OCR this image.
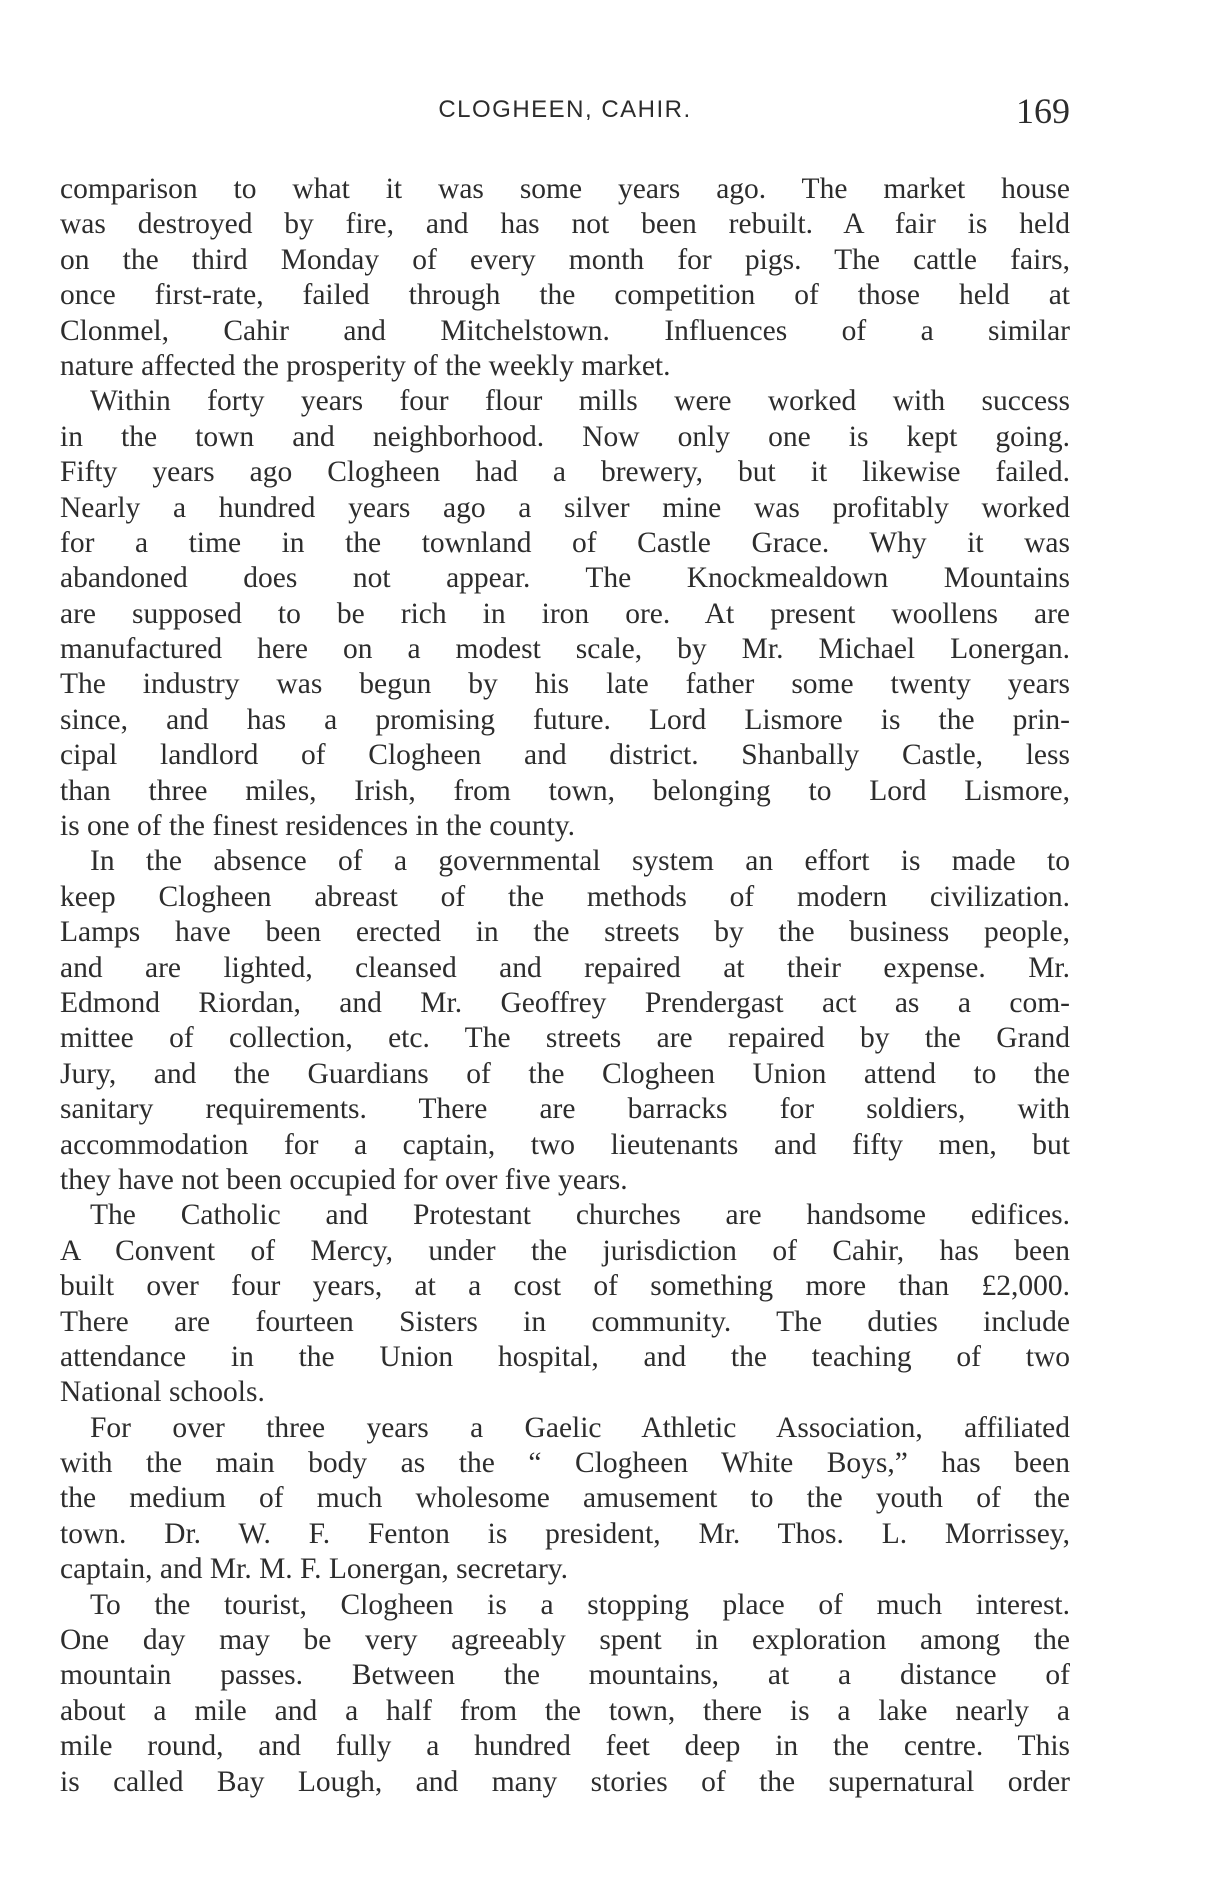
CLOGHEEN, CAHIR.	169
comparison to what it was some years ago. The market house
was destroyed by fire, and has not been rebuilt. A fair is held
on the third Monday of every month for pigs. The cattle fairs,
once first-rate, failed through the competition of those held at
Clonmel, Cahir and Mitchelstown. Influences of a similar
nature affected the prosperity of the weekly market.
Within forty years four flour mills were worked with success
in the town and neighborhood. Now only one is kept going.
Fifty years ago Clogheen had a brewery, but it likewise failed.
Nearly a hundred years ago a silver mine was profitably worked
for a time in the townland of Castle Grace. Why it was
abandoned does not appear. The Knockmealdown Mountains
are supposed to be rich in iron ore. At present woollens are
manufactured here on a modest scale, by Mr. Michael Lonergan.
The industry was begun by his late father some twenty years
since, and has a promising future. Lord Lismore is the prin-
cipal landlord of Clogheen and district. Shanbally Castle, less
than three miles, Irish, from town, belonging to Lord Lismore,
is one of the finest residences in the county.
In the absence of a governmental system an effort is made to
keep Clogheen abreast of the methods of modern civilization.
Lamps have been erected in the streets by the business people,
and are lighted, cleansed and repaired at their expense. Mr.
Edmond Riordan, and Mr. Geoffrey Prendergast act as a com-
mittee of collection, etc. The streets are repaired by the Grand
Jury, and the Guardians of the Clogheen Union attend to the
sanitary requirements. There are barracks for soldiers, with
accommodation for a captain, two lieutenants and fifty men, but
they have not been occupied for over five years.
The Catholic and Protestant churches are handsome edifices.
A Convent of Mercy, under the jurisdiction of Cahir, has been
built over four years, at a cost of something more than £2,000.
There are fourteen Sisters in community. The duties include
attendance in the Union hospital, and the teaching of two
National schools.
For over three years a Gaelic Athletic Association, affiliated
with the main body as the “ Clogheen White Boys,” has been
the medium of much wholesome amusement to the youth of the
town. Dr. W. F. Fenton is president, Mr. Thos. L. Morrissey,
captain, and Mr. M. F. Lonergan, secretary.
To the tourist, Clogheen is a stopping place of much interest.
One day may be very agreeably spent in exploration among the
mountain passes. Between the mountains, at a distance of
about a mile and a half from the town, there is a lake nearly a
mile round, and fully a hundred feet deep in the centre. This
is called Bay Lough, and many stories of the supernatural order
